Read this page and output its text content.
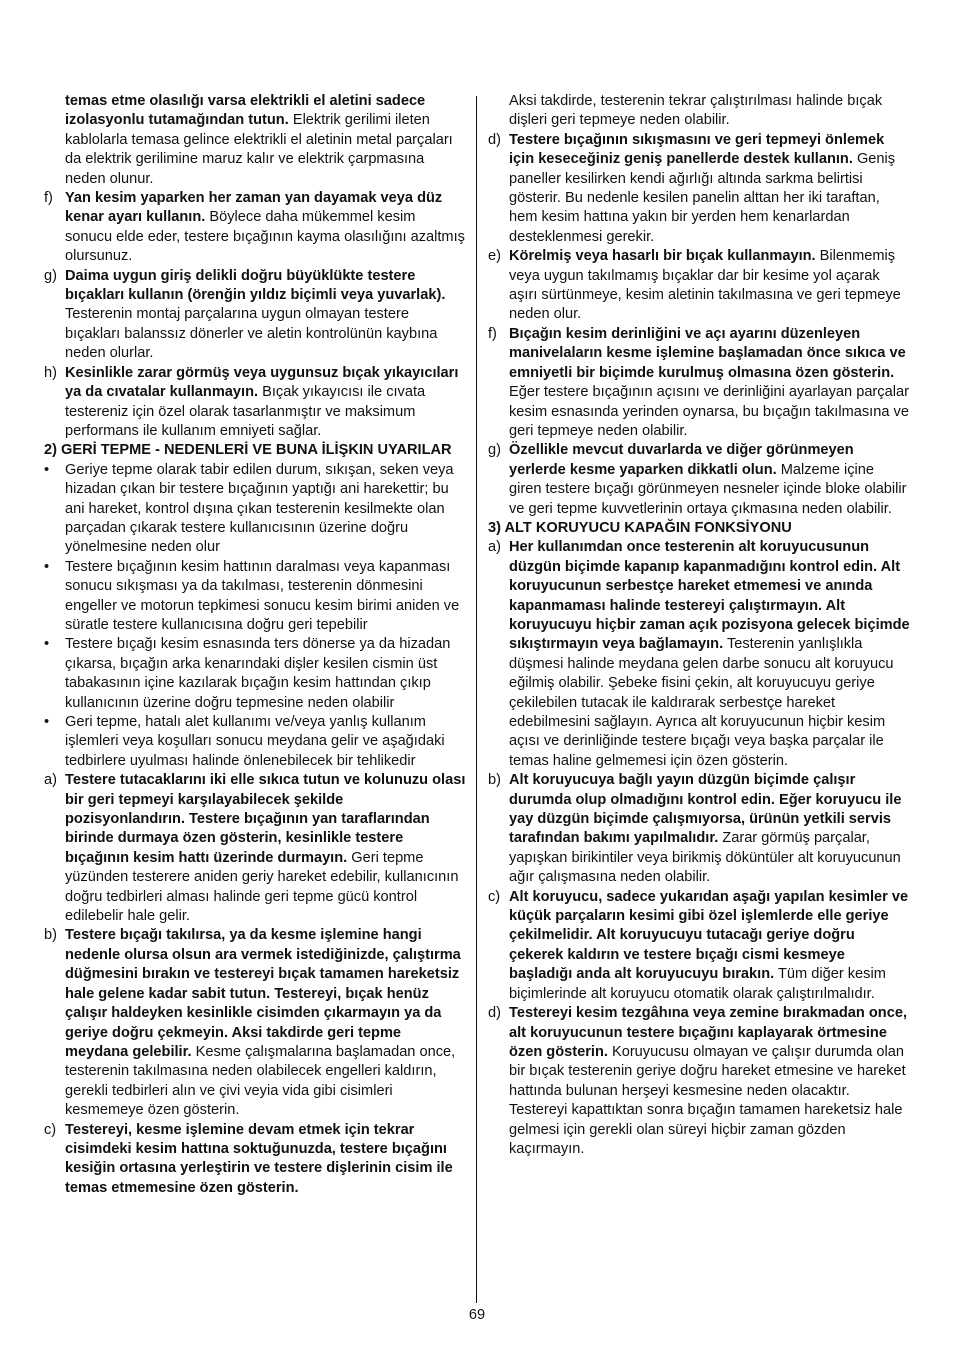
temas etme olasılığı varsa elektrikli el aletini sadece izolasyonlu tutamağından tutun. Elektrik gerilimi ileten kablolarla temasa gelince elektrikli el aletinin metal parçaları da elektrik gerilimine maruz kalır ve elektrik çarpmasına neden olunur.
f) Yan kesim yaparken her zaman yan dayamak veya düz kenar ayarı kullanın. Böylece daha mükemmel kesim sonucu elde eder, testere bıçağının kayma olasılığını azaltmış olursunuz.
g) Daima uygun giriş delikli doğru büyüklükte testere bıçakları kullanın (örenğin yıldız biçimli veya yuvarlak). Testerenin montaj parçalarına uygun olmayan testere bıçakları balanssız dönerler ve aletin kontrolünün kaybına neden olurlar.
h) Kesinlikle zarar görmüş veya uygunsuz bıçak yıkayıcıları ya da cıvatalar kullanmayın. Bıçak yıkayıcısı ile cıvata testereniz için özel olarak tasarlanmıştır ve maksimum performans ile kullanım emniyeti sağlar.
2) GERİ TEPME - NEDENLERİ VE BUNA İLİŞKIN UYARILAR
•	Geriye tepme olarak tabir edilen durum, sıkışan, seken veya hizadan çıkan bir testere bıçağının yaptığı ani harekettir; bu ani hareket, kontrol dışına çıkan testerenin kesilmekte olan parçadan çıkarak testere kullanıcısının üzerine doğru yönelmesine neden olur
•	Testere bıçağının kesim hattının daralması veya kapanması sonucu sıkışması ya da takılması, testerenin dönmesini engeller ve motorun tepkimesi sonucu kesim birimi aniden ve süratle testere kullanıcısına doğru geri tepebilir
•	Testere bıçağı kesim esnasında ters dönerse ya da hizadan çıkarsa, bıçağın arka kenarındaki dişler kesilen cismin üst tabakasının içine kazılarak bıçağın kesim hattından çıkıp kullanıcının üzerine doğru tepmesine neden olabilir
•	Geri tepme, hatalı alet kullanımı ve/veya yanlış kullanım işlemleri veya koşulları sonucu meydana gelir ve aşağıdaki tedbirlere uyulması halinde önlenebilecek bir tehlikedir
a) Testere tutacaklarını iki elle sıkıca tutun ve kolunuzu olası bir geri tepmeyi karşılayabilecek şekilde pozisyonlandırın. Testere bıçağının yan taraflarından birinde durmaya özen gösterin, kesinlikle testere bıçağının kesim hattı üzerinde durmayın. Geri tepme yüzünden testerere aniden geriy hareket edebilir, kullanıcının doğru tedbirleri alması halinde geri tepme gücü kontrol edilebelir hale gelir.
b) Testere bıçağı takılırsa, ya da kesme işlemine hangi nedenle olursa olsun ara vermek istediğinizde, çalıştırma düğmesini bırakın ve testereyi bıçak tamamen hareketsiz hale gelene kadar sabit tutun. Testereyi, bıçak henüz çalışır haldeyken kesinlikle cisimden çıkarmayın ya da geriye doğru çekmeyin. Aksi takdirde geri tepme meydana gelebilir. Kesme çalışmalarına başlamadan once, testerenin takılmasına neden olabilecek engelleri kaldırın, gerekli tedbirleri alın ve çivi veyia vida gibi cisimleri kesmemeye özen gösterin.
c) Testereyi, kesme işlemine devam etmek için tekrar cisimdeki kesim hattına soktuğunuzda, testere bıçağını kesiğin ortasına yerleştirin ve testere dişlerinin cisim ile temas etmemesine özen gösterin.
Aksi takdirde, testerenin tekrar çalıştırılması halinde bıçak dişleri geri tepmeye neden olabilir.
d) Testere bıçağının sıkışmasını ve geri tepmeyi önlemek için keseceğiniz geniş panellerde destek kullanın. Geniş paneller kesilirken kendi ağırlığı altında sarkma belirtisi gösterir. Bu nedenle kesilen panelin alttan her iki taraftan, hem kesim hattına yakın bir yerden hem kenarlardan desteklenmesi gerekir.
e) Körelmiş veya hasarlı bir bıçak kullanmayın. Bilenmemiş veya uygun takılmamış bıçaklar dar bir kesime yol açarak aşırı sürtünmeye, kesim aletinin takılmasına ve geri tepmeye neden olur.
f) Bıçağın kesim derinliğini ve açı ayarını düzenleyen manivelaların kesme işlemine başlamadan önce sıkıca ve emniyetli bir biçimde kurulmuş olmasına özen gösterin. Eğer testere bıçağının açısını ve derinliğini ayarlayan parçalar kesim esnasında yerinden oynarsa, bu bıçağın takılmasına ve geri tepmeye neden olabilir.
g) Özellikle mevcut duvarlarda ve diğer görünmeyen yerlerde kesme yaparken dikkatli olun. Malzeme içine giren testere bıçağı görünmeyen nesneler içinde bloke olabilir ve geri tepme kuvvetlerinin ortaya çıkmasına neden olabilir.
3) ALT KORUYUCU KAPAĞIN FONKSİYONU
a) Her kullanımdan once testerenin alt koruyucusunun düzgün biçimde kapanıp kapanmadığını kontrol edin. Alt koruyucunun serbestçe hareket etmemesi ve anında kapanmaması halinde testereyi çalıştırmayın. Alt koruyucuyu hiçbir zaman açık pozisyona gelecek biçimde sıkıştırmayın veya bağlamayın. Testerenin yanlışlıkla düşmesi halinde meydana gelen darbe sonucu alt koruyucu eğilmiş olabilir. Şebeke fisini çekin, alt koruyucuyu geriye çekilebilen tutacak ile kaldırarak serbestçe hareket edebilmesini sağlayın. Ayrıca alt koruyucunun hiçbir kesim açısı ve derinliğinde testere bıçağı veya başka parçalar ile temas haline gelmemesi için özen gösterin.
b) Alt koruyucuya bağlı yayın düzgün biçimde çalışır durumda olup olmadığını kontrol edin. Eğer koruyucu ile yay düzgün biçimde çalışmıyorsa, ürünün yetkili servis tarafından bakımı yapılmalıdır. Zarar görmüş parçalar, yapışkan birikintiler veya birikmiş döküntüler alt koruyucunun ağır çalışmasına neden olabilir.
c) Alt koruyucu, sadece yukarıdan aşağı yapılan kesimler ve küçük parçaların kesimi gibi özel işlemlerde elle geriye çekilmelidir. Alt koruyucuyu tutacağı geriye doğru çekerek kaldırın ve testere bıçağı cismi kesmeye başladığı anda alt koruyucuyu bırakın. Tüm diğer kesim biçimlerinde alt koruyucu otomatik olarak çalıştırılmalıdır.
d) Testereyi kesim tezgâhına veya zemine bırakmadan once, alt koruyucunun testere bıçağını kaplayarak örtmesine özen gösterin. Koruyucusu olmayan ve çalışır durumda olan bir bıçak testerenin geriye doğru hareket etmesine ve hareket hattında bulunan herşeyi kesmesine neden olacaktır. Testereyi kapattıktan sonra bıçağın tamamen hareketsiz hale gelmesi için gerekli olan süreyi hiçbir zaman gözden kaçırmayın.
69
